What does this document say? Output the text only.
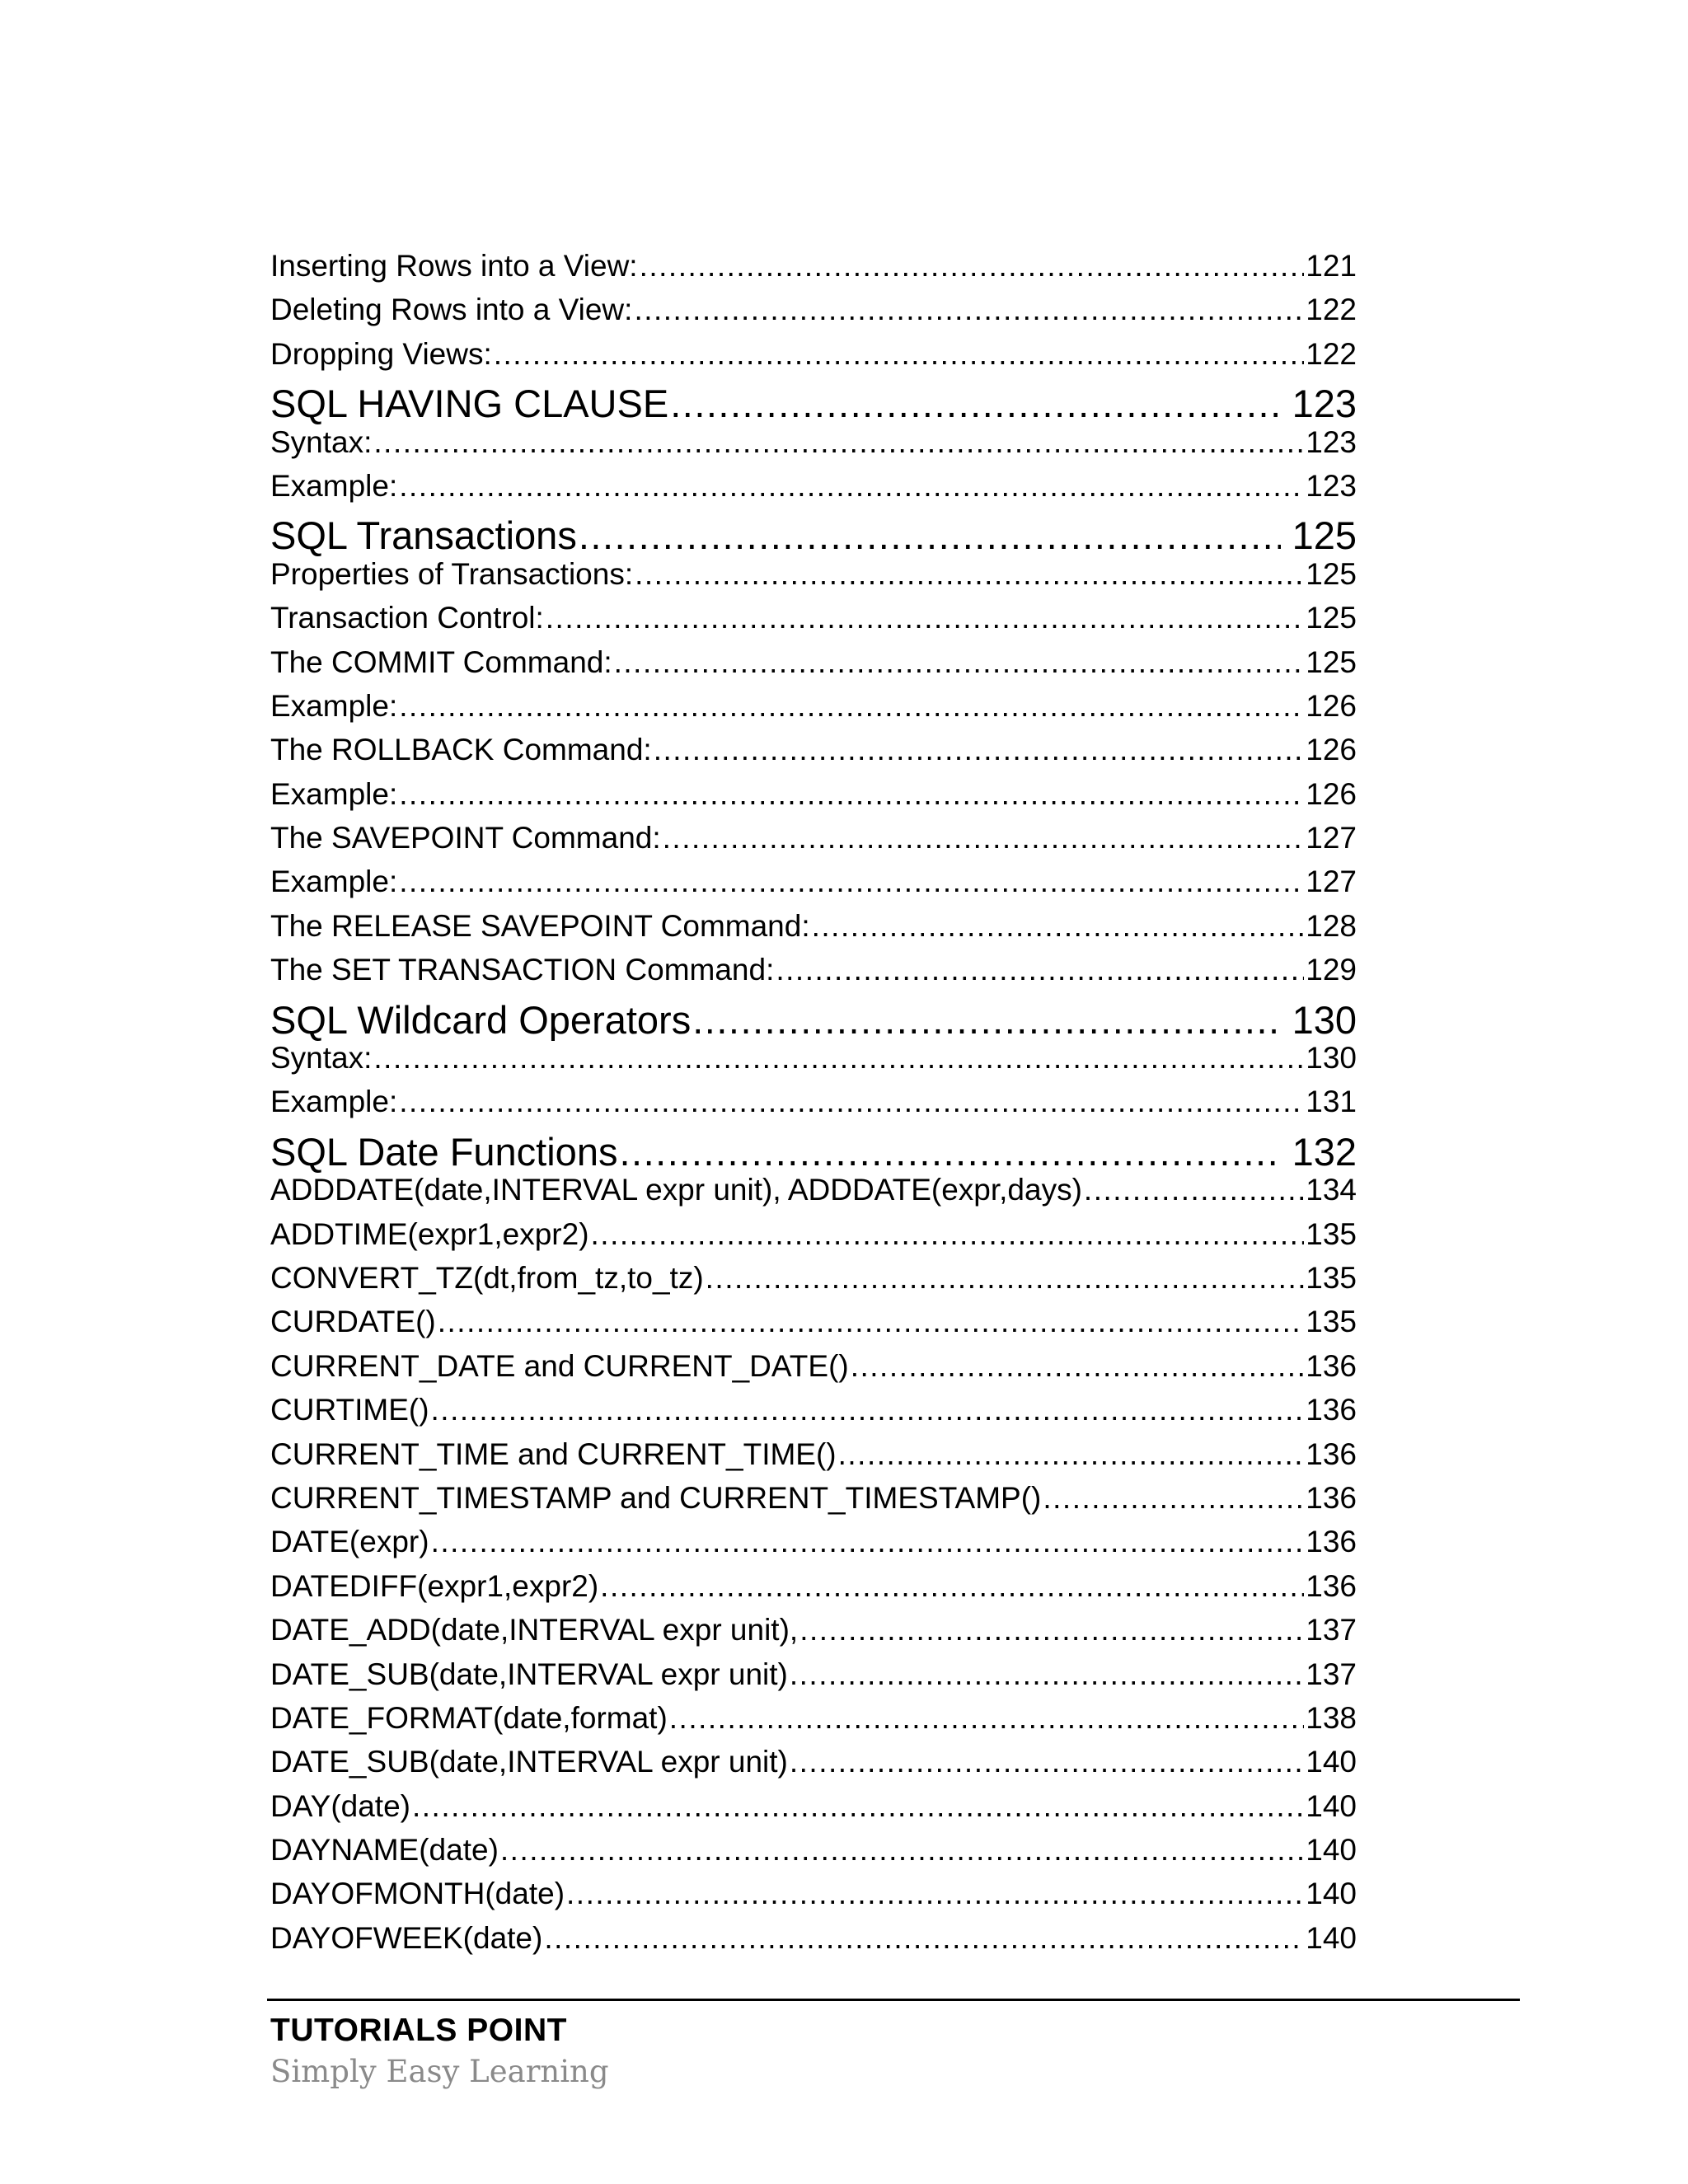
Inserting Rows into a View: .....	121
Deleting Rows into a View: .....	122
Dropping Views: .....	122
SQL HAVING CLAUSE .....	123
Syntax: .....	123
Example: .....	123
SQL Transactions .....	125
Properties of Transactions: .....	125
Transaction Control: .....	125
The COMMIT Command: .....	125
Example: .....	126
The ROLLBACK Command: .....	126
Example: .....	126
The SAVEPOINT Command: .....	127
Example: .....	127
The RELEASE SAVEPOINT Command: .....	128
The SET TRANSACTION Command: .....	129
SQL Wildcard Operators .....	130
Syntax: .....	130
Example: .....	131
SQL Date Functions .....	132
ADDDATE(date,INTERVAL expr unit), ADDDATE(expr,days) .....	134
ADDTIME(expr1,expr2) .....	135
CONVERT_TZ(dt,from_tz,to_tz) .....	135
CURDATE() .....	135
CURRENT_DATE and CURRENT_DATE() .....	136
CURTIME() .....	136
CURRENT_TIME and CURRENT_TIME() .....	136
CURRENT_TIMESTAMP and CURRENT_TIMESTAMP() .....	136
DATE(expr) .....	136
DATEDIFF(expr1,expr2) .....	136
DATE_ADD(date,INTERVAL expr unit), .....	137
DATE_SUB(date,INTERVAL expr unit) .....	137
DATE_FORMAT(date,format) .....	138
DATE_SUB(date,INTERVAL expr unit) .....	140
DAY(date) .....	140
DAYNAME(date) .....	140
DAYOFMONTH(date) .....	140
DAYOFWEEK(date) .....	140
TUTORIALS POINT
Simply Easy Learning
